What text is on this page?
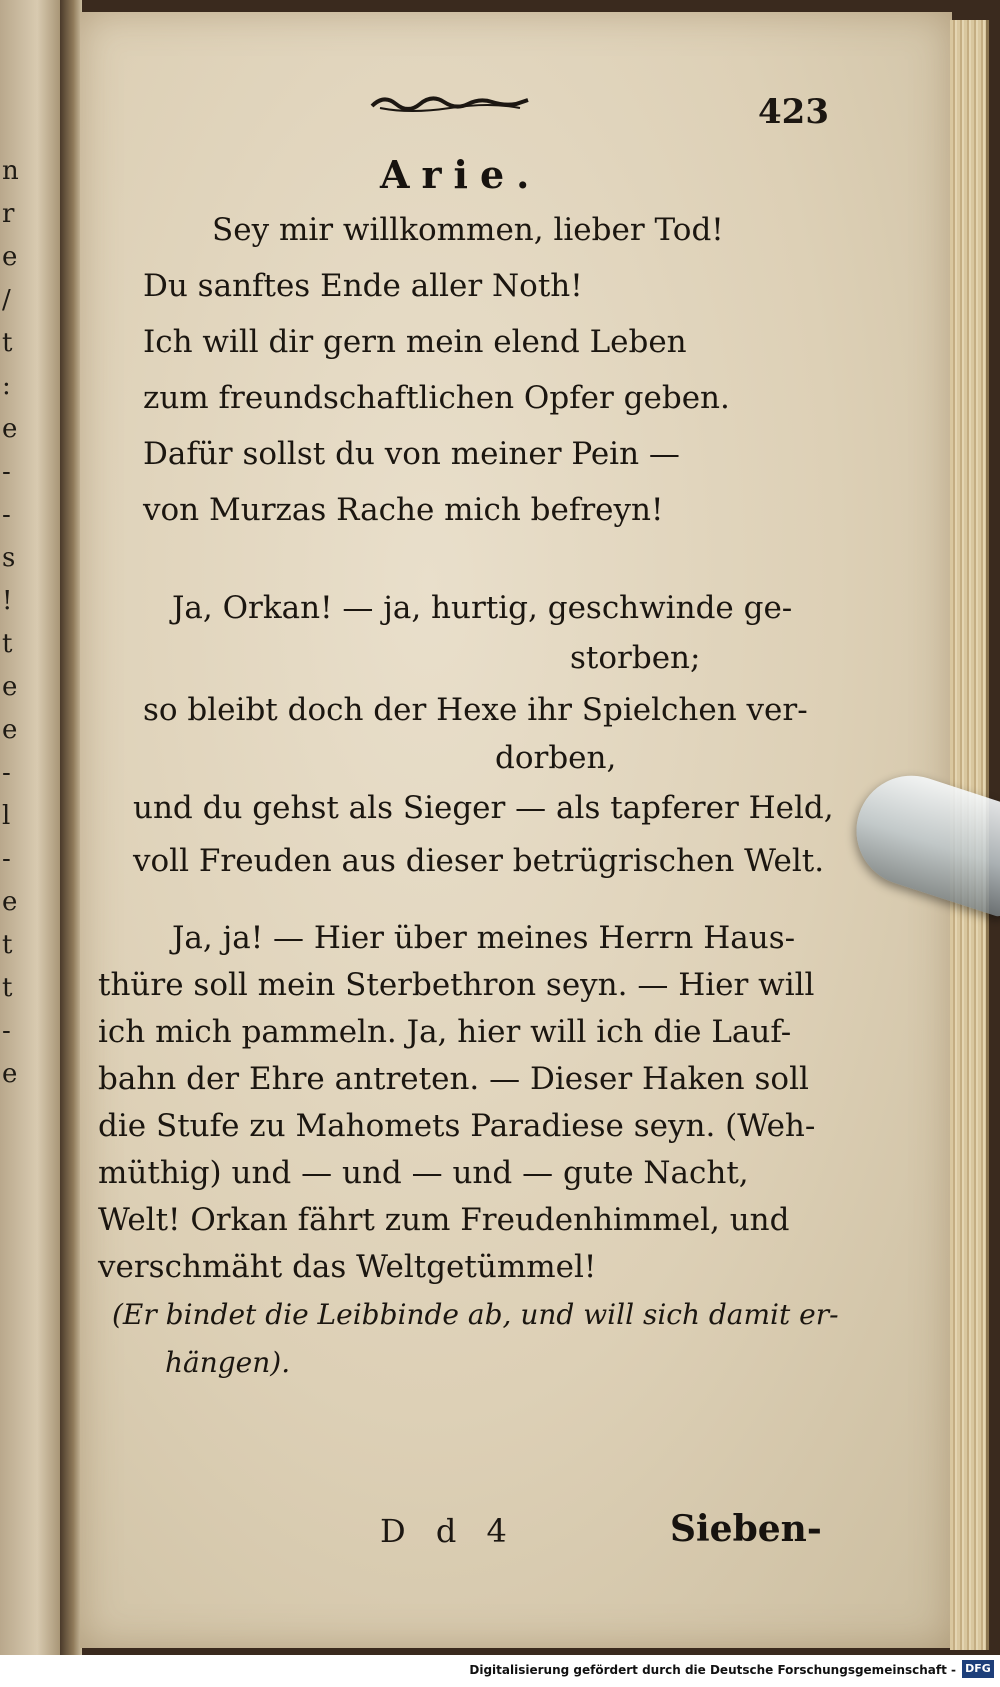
n
r
e
/
t
:
e
-
-
s
!
t
e
e
-
l
-
e
t
t
-
e
423
Arie.
Sey mir willkommen, lieber Tod!
Du sanftes Ende aller Noth!
Ich will dir gern mein elend Leben
zum freundschaftlichen Opfer geben.
Dafür sollst du von meiner Pein —
von Murzas Rache mich befreyn!
Ja, Orkan! — ja, hurtig, geschwinde ge-
storben;
so bleibt doch der Hexe ihr Spielchen ver-
dorben,
und du gehst als Sieger — als tapferer Held,
voll Freuden aus dieser betrügrischen Welt.
Ja, ja! — Hier über meines Herrn Haus-
thüre soll mein Sterbethron seyn. — Hier will
ich mich pammeln. Ja, hier will ich die Lauf-
bahn der Ehre antreten. — Dieser Haken soll
die Stufe zu Mahomets Paradiese seyn. (Weh-
müthig) und — und — und — gute Nacht,
Welt! Orkan fährt zum Freudenhimmel, und
verschmäht das Weltgetümmel!
(Er bindet die Leibbinde ab, und will sich damit er-
hängen).
D d 4	Sieben-
Digitalisierung gefördert durch die Deutsche Forschungsgemeinschaft - DFG
